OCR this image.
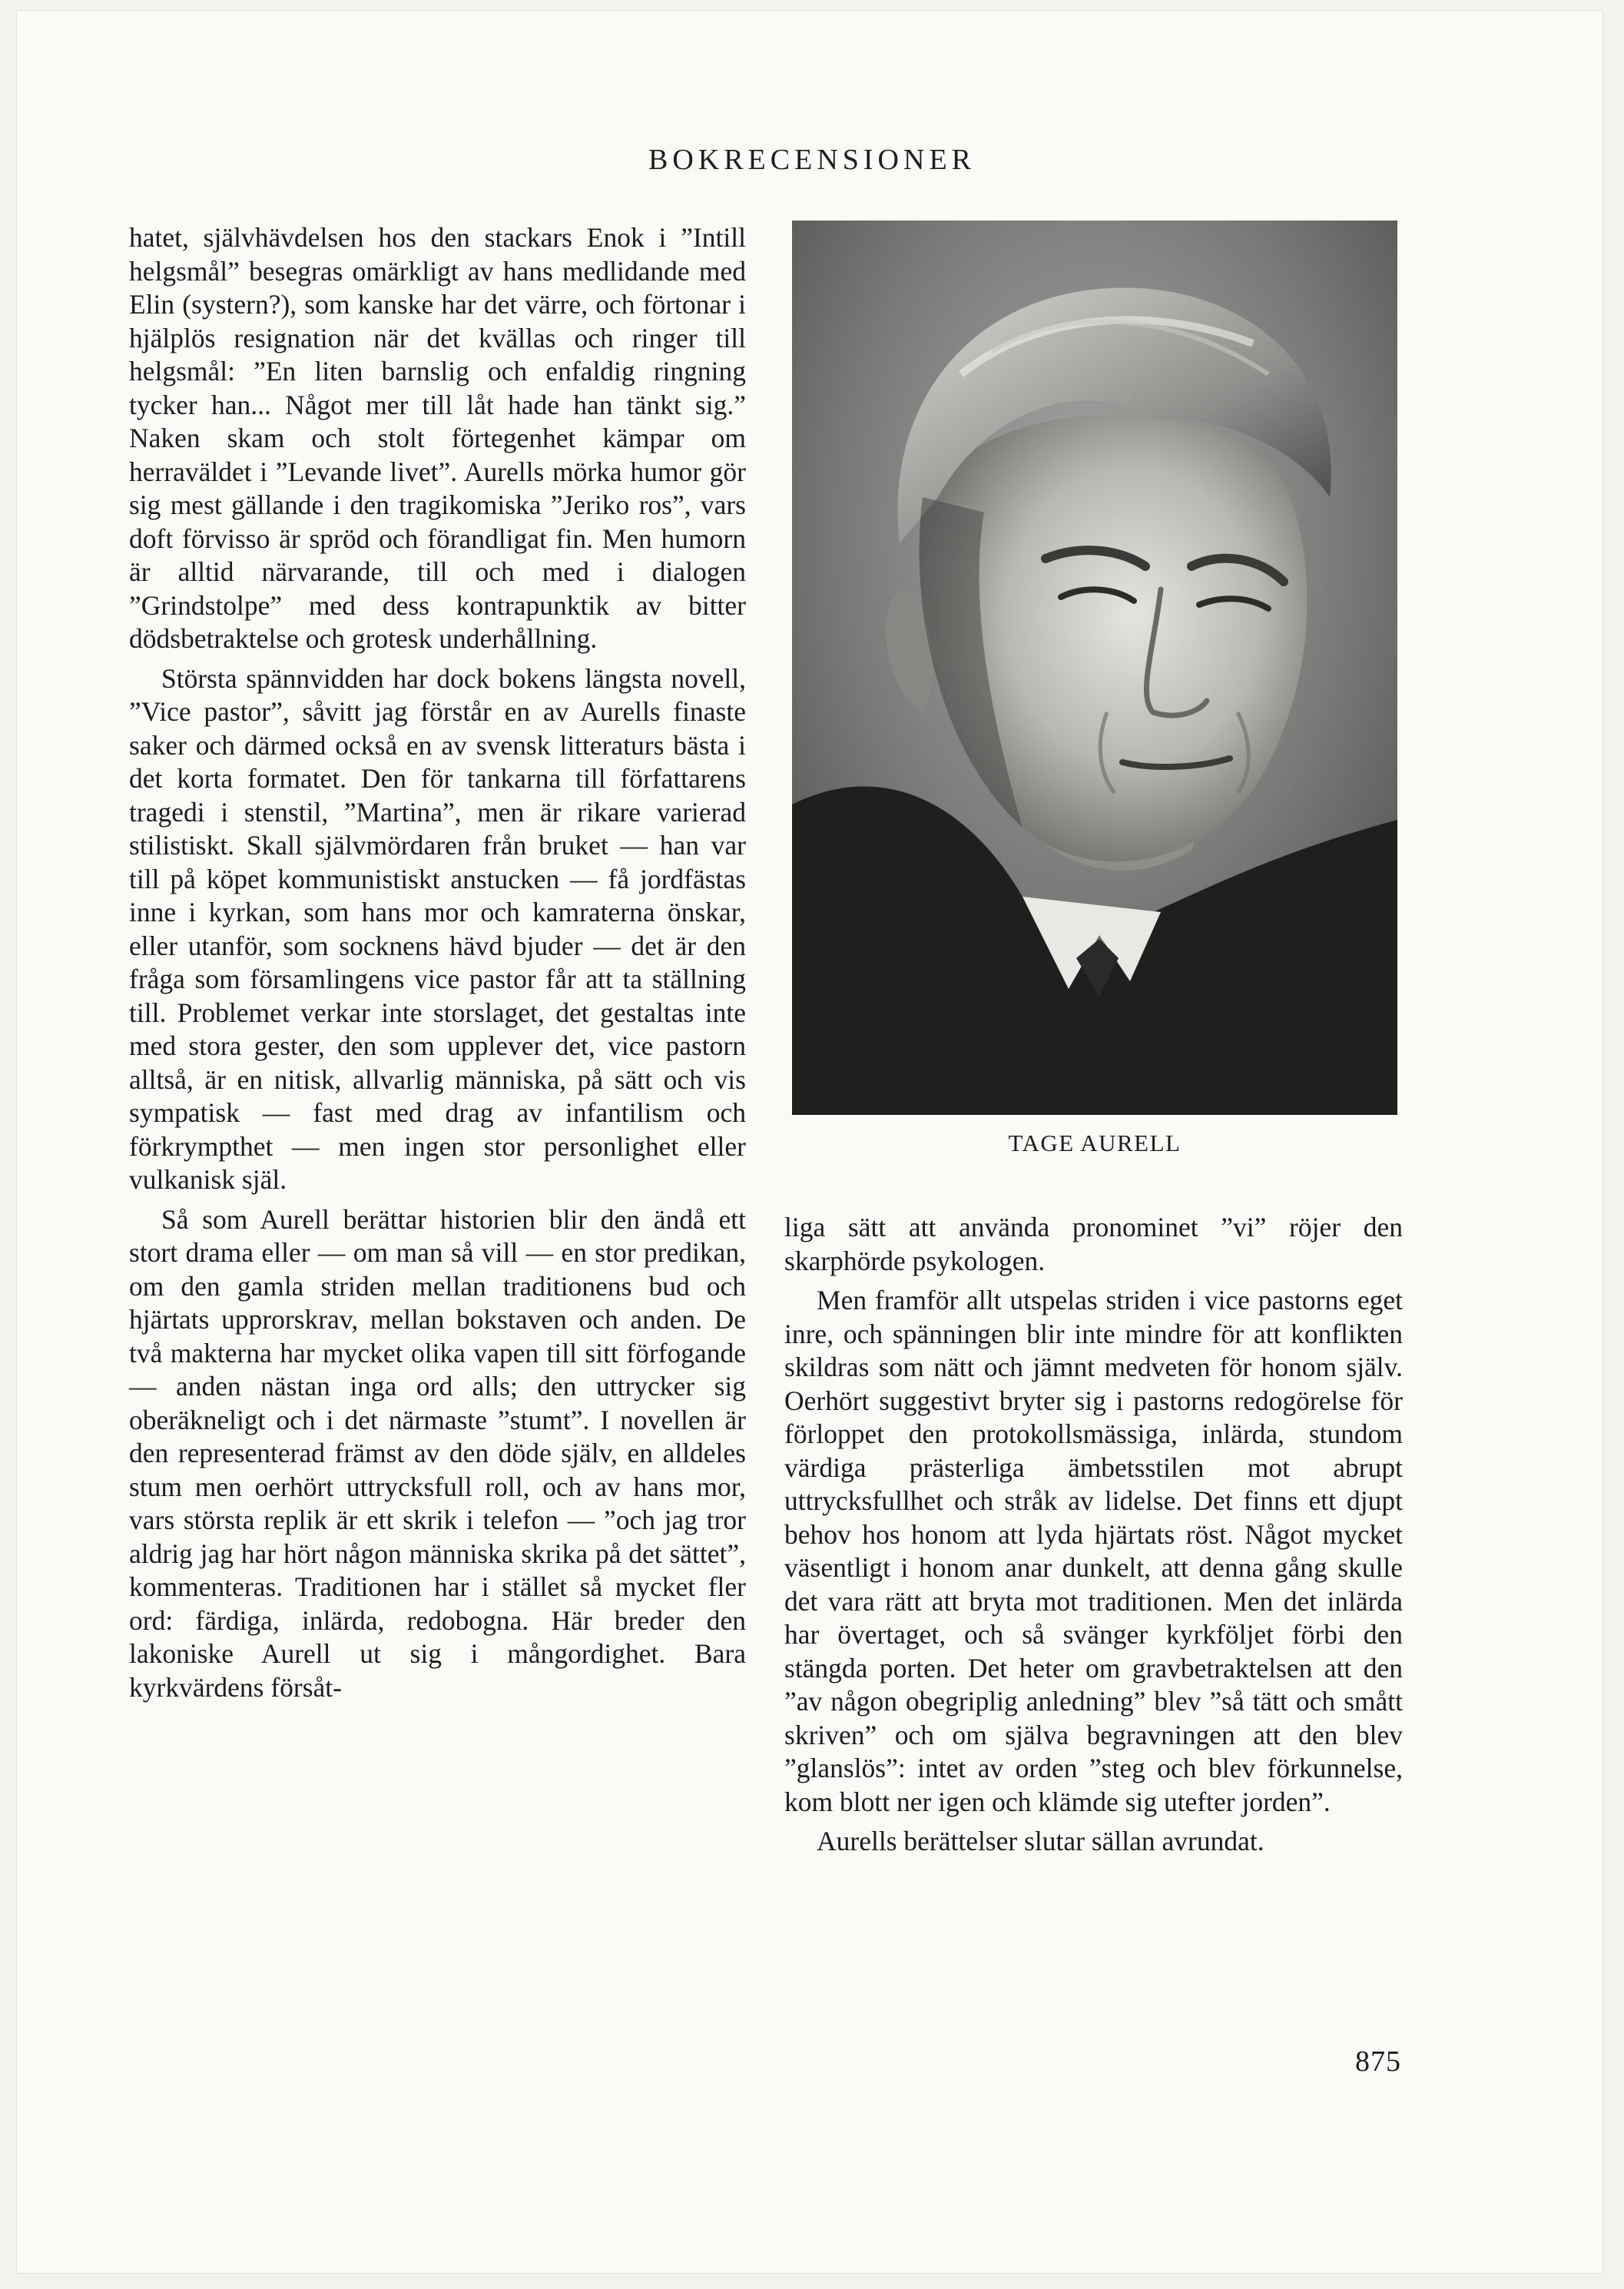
BOKRECENSIONER

hatet, självhävdelsen hos den stackars Enok i ”Intill helgsmål” besegras omärkligt av hans medlidande med Elin (systern?), som kanske har det värre, och förtonar i hjälplös resignation när det kvällas och ringer till helgsmål: ”En liten barnslig och enfaldig ringning tycker han... Något mer till låt hade han tänkt sig.” Naken skam och stolt förtegenhet kämpar om herraväldet i ”Levande livet”. Aurells mörka humor gör sig mest gällande i den tragikomiska ”Jeriko ros”, vars doft förvisso är spröd och förandligat fin. Men humorn är alltid närvarande, till och med i dialogen ”Grindstolpe” med dess kontrapunktik av bitter dödsbetraktelse och grotesk underhållning.

Största spännvidden har dock bokens längsta novell, ”Vice pastor”, såvitt jag förstår en av Aurells finaste saker och därmed också en av svensk litteraturs bästa i det korta formatet. Den för tankarna till författarens tragedi i stenstil, ”Martina”, men är rikare varierad stilistiskt. Skall självmördaren från bruket — han var till på köpet kommunistiskt anstucken — få jordfästas inne i kyrkan, som hans mor och kamraterna önskar, eller utanför, som socknens hävd bjuder — det är den fråga som församlingens vice pastor får att ta ställning till. Problemet verkar inte storslaget, det gestaltas inte med stora gester, den som upplever det, vice pastorn alltså, är en nitisk, allvarlig människa, på sätt och vis sympatisk — fast med drag av infantilism och förkrympthet — men ingen stor personlighet eller vulkanisk själ.

Så som Aurell berättar historien blir den ändå ett stort drama eller — om man så vill — en stor predikan, om den gamla striden mellan traditionens bud och hjärtats upprorskrav, mellan bokstaven och anden. De två makterna har mycket olika vapen till sitt förfogande — anden nästan inga ord alls; den uttrycker sig oberäkneligt och i det närmaste ”stumt”. I novellen är den representerad främst av den döde själv, en alldeles stum men oerhört uttrycksfull roll, och av hans mor, vars största replik är ett skrik i telefon — ”och jag tror aldrig jag har hört någon människa skrika på det sättet”, kommenteras. Traditionen har i stället så mycket fler ord: färdiga, inlärda, redobogna. Här breder den lakoniske Aurell ut sig i mångordighet. Bara kyrkvärdens försåt-

TAGE AURELL

liga sätt att använda pronominet ”vi” röjer den skarphörde psykologen.

Men framför allt utspelas striden i vice pastorns eget inre, och spänningen blir inte mindre för att konflikten skildras som nätt och jämnt medveten för honom själv. Oerhört suggestivt bryter sig i pastorns redogörelse för förloppet den protokollsmässiga, inlärda, stundom värdiga prästerliga ämbetsstilen mot abrupt uttrycksfullhet och stråk av lidelse. Det finns ett djupt behov hos honom att lyda hjärtats röst. Något mycket väsentligt i honom anar dunkelt, att denna gång skulle det vara rätt att bryta mot traditionen. Men det inlärda har övertaget, och så svänger kyrkföljet förbi den stängda porten. Det heter om gravbetraktelsen att den ”av någon obegriplig anledning” blev ”så tätt och smått skriven” och om själva begravningen att den blev ”glanslös”: intet av orden ”steg och blev förkunnelse, kom blott ner igen och klämde sig utefter jorden”.

Aurells berättelser slutar sällan avrundat.

875
